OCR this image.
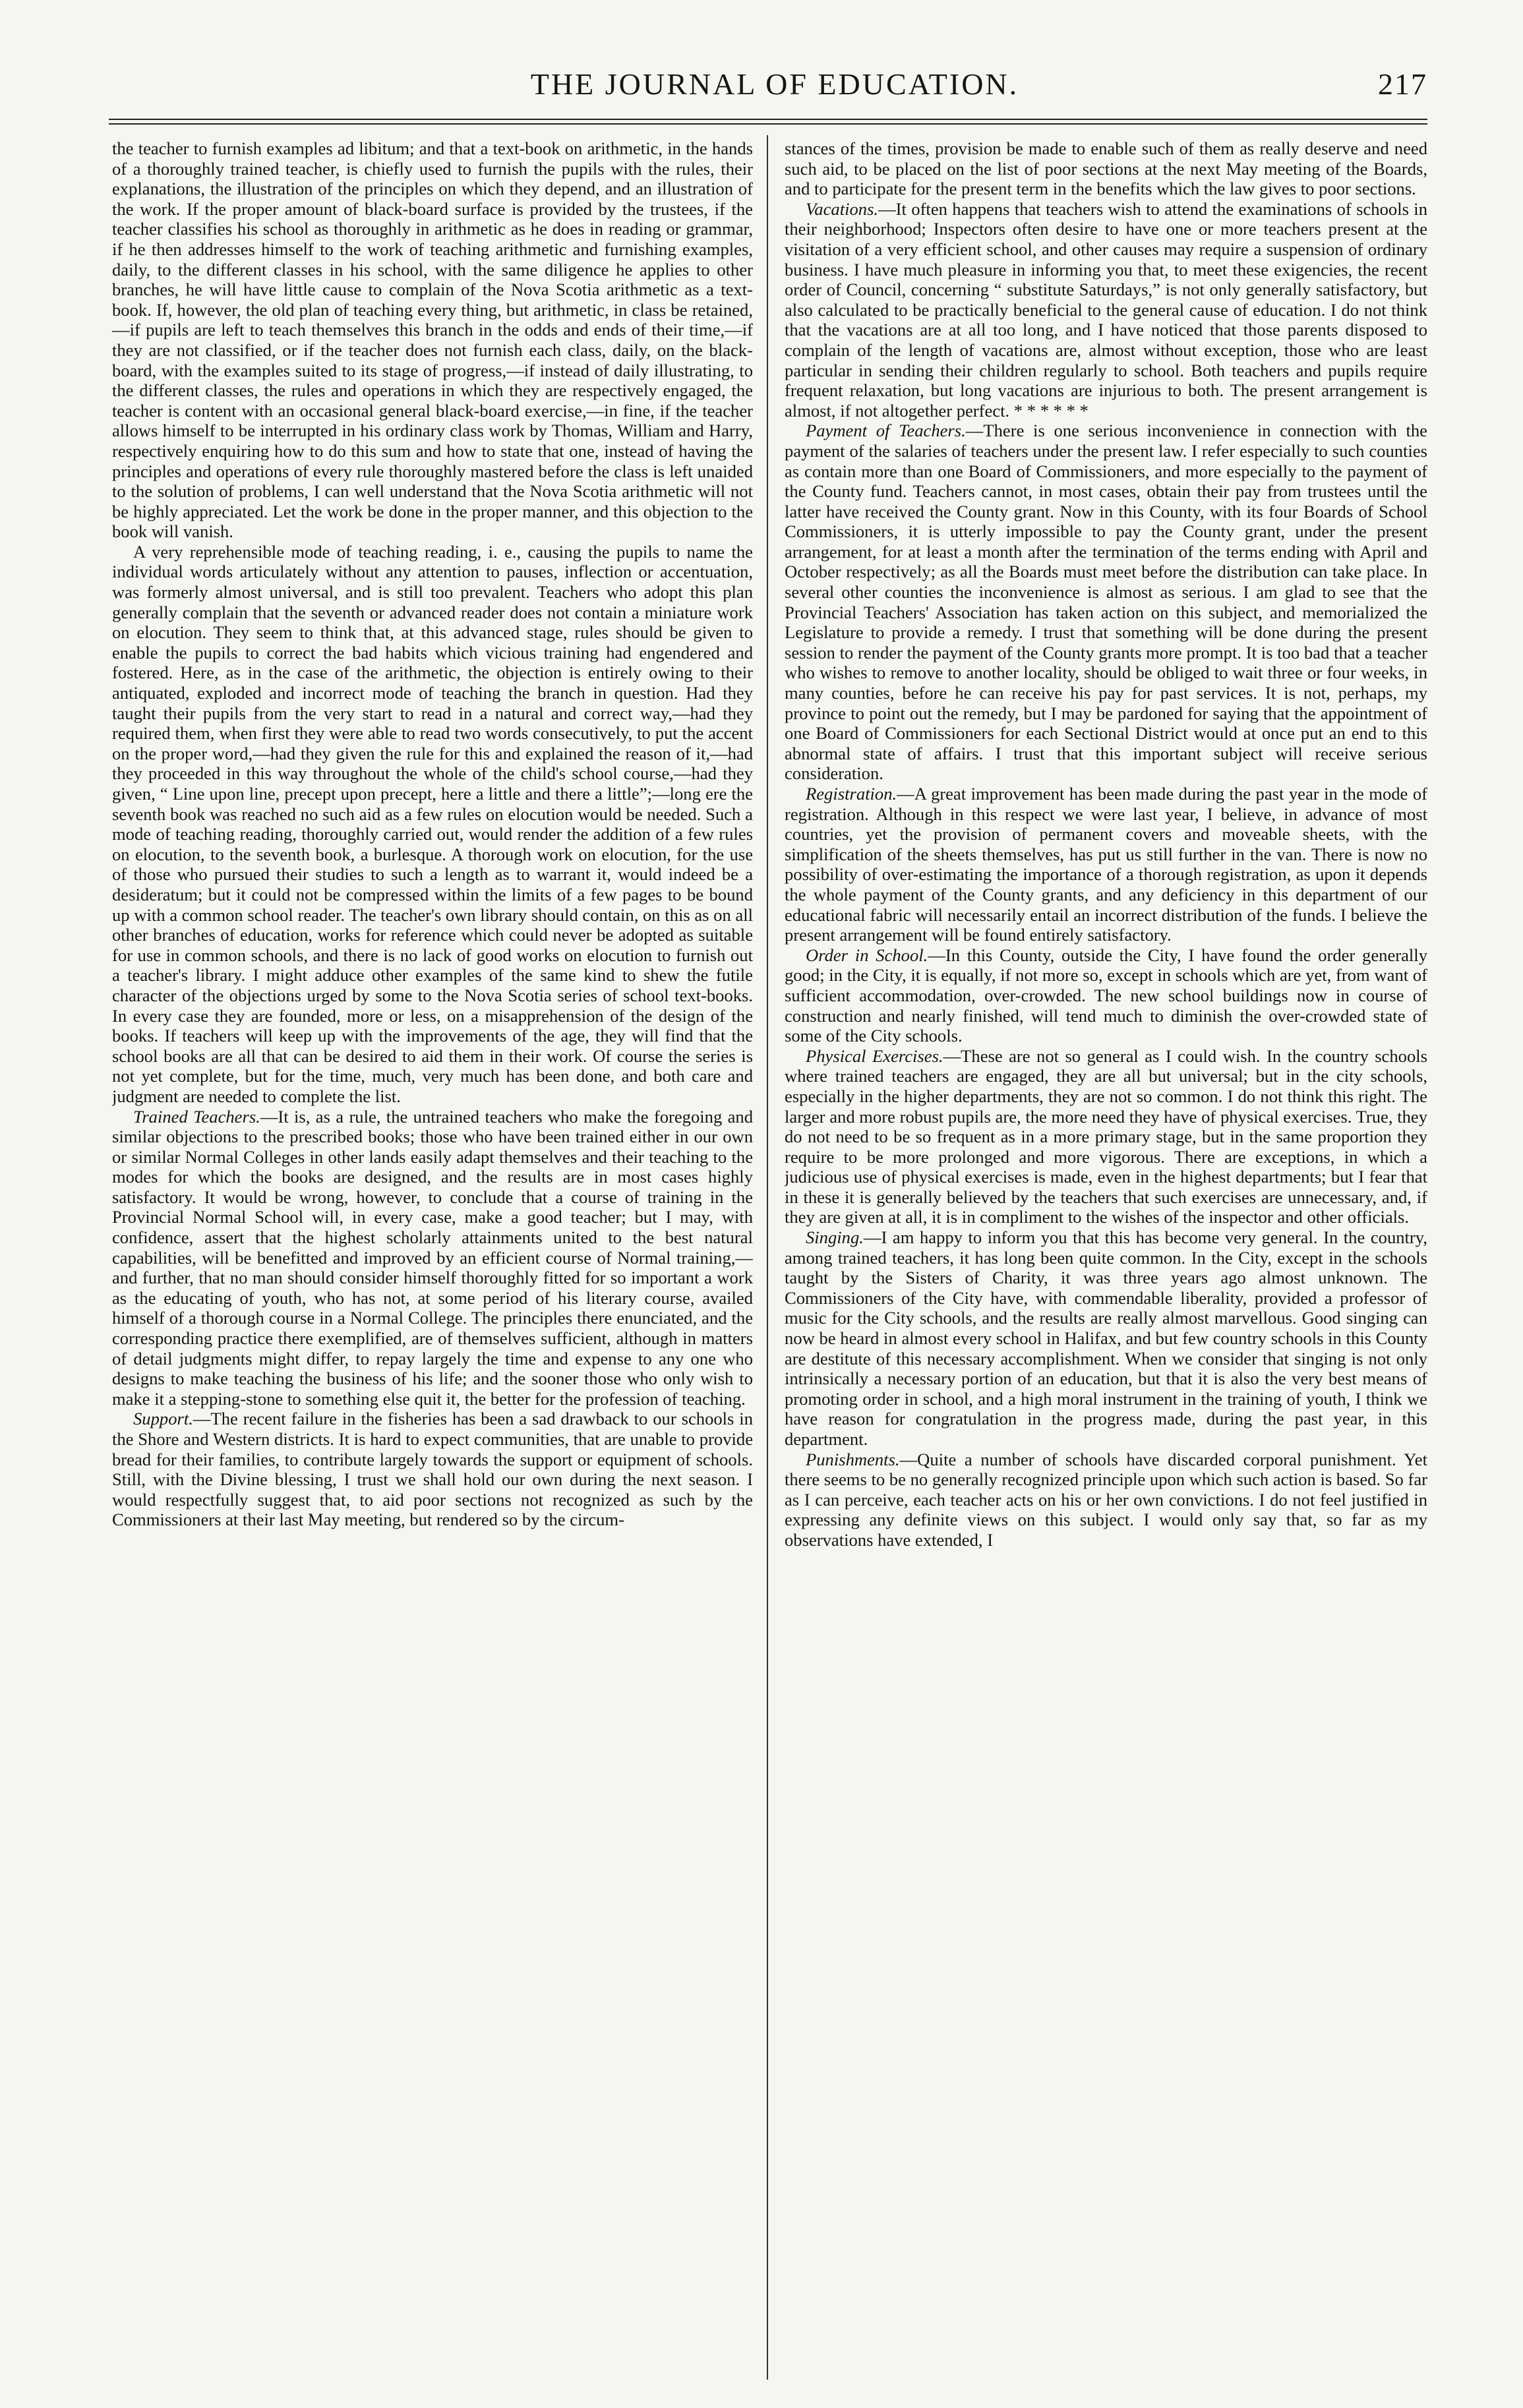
THE JOURNAL OF EDUCATION.	217

the teacher to furnish examples ad libitum; and that a text-book on arithmetic, in the hands of a thoroughly trained teacher, is chiefly used to furnish the pupils with the rules, their explanations, the illustration of the principles on which they depend, and an illustration of the work. If the proper amount of black-board surface is provided by the trustees, if the teacher classifies his school as thoroughly in arithmetic as he does in reading or grammar, if he then addresses himself to the work of teaching arithmetic and furnishing examples, daily, to the different classes in his school, with the same diligence he applies to other branches, he will have little cause to complain of the Nova Scotia arithmetic as a text-book. If, however, the old plan of teaching every thing, but arithmetic, in class be retained,—if pupils are left to teach themselves this branch in the odds and ends of their time,—if they are not classified, or if the teacher does not furnish each class, daily, on the black-board, with the examples suited to its stage of progress,—if instead of daily illustrating, to the different classes, the rules and operations in which they are respectively engaged, the teacher is content with an occasional general black-board exercise,—in fine, if the teacher allows himself to be interrupted in his ordinary class work by Thomas, William and Harry, respectively enquiring how to do this sum and how to state that one, instead of having the principles and operations of every rule thoroughly mastered before the class is left unaided to the solution of problems, I can well understand that the Nova Scotia arithmetic will not be highly appreciated. Let the work be done in the proper manner, and this objection to the book will vanish.

A very reprehensible mode of teaching reading, i. e., causing the pupils to name the individual words articulately without any attention to pauses, inflection or accentuation, was formerly almost universal, and is still too prevalent. Teachers who adopt this plan generally complain that the seventh or advanced reader does not contain a miniature work on elocution. They seem to think that, at this advanced stage, rules should be given to enable the pupils to correct the bad habits which vicious training had engendered and fostered. Here, as in the case of the arithmetic, the objection is entirely owing to their antiquated, exploded and incorrect mode of teaching the branch in question. Had they taught their pupils from the very start to read in a natural and correct way,—had they required them, when first they were able to read two words consecutively, to put the accent on the proper word,—had they given the rule for this and explained the reason of it,—had they proceeded in this way throughout the whole of the child's school course,—had they given, “ Line upon line, precept upon precept, here a little and there a little”;—long ere the seventh book was reached no such aid as a few rules on elocution would be needed. Such a mode of teaching reading, thoroughly carried out, would render the addition of a few rules on elocution, to the seventh book, a burlesque. A thorough work on elocution, for the use of those who pursued their studies to such a length as to warrant it, would indeed be a desideratum; but it could not be compressed within the limits of a few pages to be bound up with a common school reader. The teacher's own library should contain, on this as on all other branches of education, works for reference which could never be adopted as suitable for use in common schools, and there is no lack of good works on elocution to furnish out a teacher's library. I might adduce other examples of the same kind to shew the futile character of the objections urged by some to the Nova Scotia series of school text-books. In every case they are founded, more or less, on a misapprehension of the design of the books. If teachers will keep up with the improvements of the age, they will find that the school books are all that can be desired to aid them in their work. Of course the series is not yet complete, but for the time, much, very much has been done, and both care and judgment are needed to complete the list.

Trained Teachers.—It is, as a rule, the untrained teachers who make the foregoing and similar objections to the prescribed books; those who have been trained either in our own or similar Normal Colleges in other lands easily adapt themselves and their teaching to the modes for which the books are designed, and the results are in most cases highly satisfactory. It would be wrong, however, to conclude that a course of training in the Provincial Normal School will, in every case, make a good teacher; but I may, with confidence, assert that the highest scholarly attainments united to the best natural capabilities, will be benefitted and improved by an efficient course of Normal training,—and further, that no man should consider himself thoroughly fitted for so important a work as the educating of youth, who has not, at some period of his literary course, availed himself of a thorough course in a Normal College. The principles there enunciated, and the corresponding practice there exemplified, are of themselves sufficient, although in matters of detail judgments might differ, to repay largely the time and expense to any one who designs to make teaching the business of his life; and the sooner those who only wish to make it a stepping-stone to something else quit it, the better for the profession of teaching.

Support.—The recent failure in the fisheries has been a sad drawback to our schools in the Shore and Western districts. It is hard to expect communities, that are unable to provide bread for their families, to contribute largely towards the support or equipment of schools. Still, with the Divine blessing, I trust we shall hold our own during the next season. I would respectfully suggest that, to aid poor sections not recognized as such by the Commissioners at their last May meeting, but rendered so by the circum-

stances of the times, provision be made to enable such of them as really deserve and need such aid, to be placed on the list of poor sections at the next May meeting of the Boards, and to participate for the present term in the benefits which the law gives to poor sections.

Vacations.—It often happens that teachers wish to attend the examinations of schools in their neighborhood; Inspectors often desire to have one or more teachers present at the visitation of a very efficient school, and other causes may require a suspension of ordinary business. I have much pleasure in informing you that, to meet these exigencies, the recent order of Council, concerning “ substitute Saturdays,” is not only generally satisfactory, but also calculated to be practically beneficial to the general cause of education. I do not think that the vacations are at all too long, and I have noticed that those parents disposed to complain of the length of vacations are, almost without exception, those who are least particular in sending their children regularly to school. Both teachers and pupils require frequent relaxation, but long vacations are injurious to both. The present arrangement is almost, if not altogether perfect. * * * * * *

Payment of Teachers.—There is one serious inconvenience in connection with the payment of the salaries of teachers under the present law. I refer especially to such counties as contain more than one Board of Commissioners, and more especially to the payment of the County fund. Teachers cannot, in most cases, obtain their pay from trustees until the latter have received the County grant. Now in this County, with its four Boards of School Commissioners, it is utterly impossible to pay the County grant, under the present arrangement, for at least a month after the termination of the terms ending with April and October respectively; as all the Boards must meet before the distribution can take place. In several other counties the inconvenience is almost as serious. I am glad to see that the Provincial Teachers' Association has taken action on this subject, and memorialized the Legislature to provide a remedy. I trust that something will be done during the present session to render the payment of the County grants more prompt. It is too bad that a teacher who wishes to remove to another locality, should be obliged to wait three or four weeks, in many counties, before he can receive his pay for past services. It is not, perhaps, my province to point out the remedy, but I may be pardoned for saying that the appointment of one Board of Commissioners for each Sectional District would at once put an end to this abnormal state of affairs. I trust that this important subject will receive serious consideration.

Registration.—A great improvement has been made during the past year in the mode of registration. Although in this respect we were last year, I believe, in advance of most countries, yet the provision of permanent covers and moveable sheets, with the simplification of the sheets themselves, has put us still further in the van. There is now no possibility of over-estimating the importance of a thorough registration, as upon it depends the whole payment of the County grants, and any deficiency in this department of our educational fabric will necessarily entail an incorrect distribution of the funds. I believe the present arrangement will be found entirely satisfactory.

Order in School.—In this County, outside the City, I have found the order generally good; in the City, it is equally, if not more so, except in schools which are yet, from want of sufficient accommodation, over-crowded. The new school buildings now in course of construction and nearly finished, will tend much to diminish the over-crowded state of some of the City schools.

Physical Exercises.—These are not so general as I could wish. In the country schools where trained teachers are engaged, they are all but universal; but in the city schools, especially in the higher departments, they are not so common. I do not think this right. The larger and more robust pupils are, the more need they have of physical exercises. True, they do not need to be so frequent as in a more primary stage, but in the same proportion they require to be more prolonged and more vigorous. There are exceptions, in which a judicious use of physical exercises is made, even in the highest departments; but I fear that in these it is generally believed by the teachers that such exercises are unnecessary, and, if they are given at all, it is in compliment to the wishes of the inspector and other officials.

Singing.—I am happy to inform you that this has become very general. In the country, among trained teachers, it has long been quite common. In the City, except in the schools taught by the Sisters of Charity, it was three years ago almost unknown. The Commissioners of the City have, with commendable liberality, provided a professor of music for the City schools, and the results are really almost marvellous. Good singing can now be heard in almost every school in Halifax, and but few country schools in this County are destitute of this necessary accomplishment. When we consider that singing is not only intrinsically a necessary portion of an education, but that it is also the very best means of promoting order in school, and a high moral instrument in the training of youth, I think we have reason for congratulation in the progress made, during the past year, in this department.

Punishments.—Quite a number of schools have discarded corporal punishment. Yet there seems to be no generally recognized principle upon which such action is based. So far as I can perceive, each teacher acts on his or her own convictions. I do not feel justified in expressing any definite views on this subject. I would only say that, so far as my observations have extended, I
